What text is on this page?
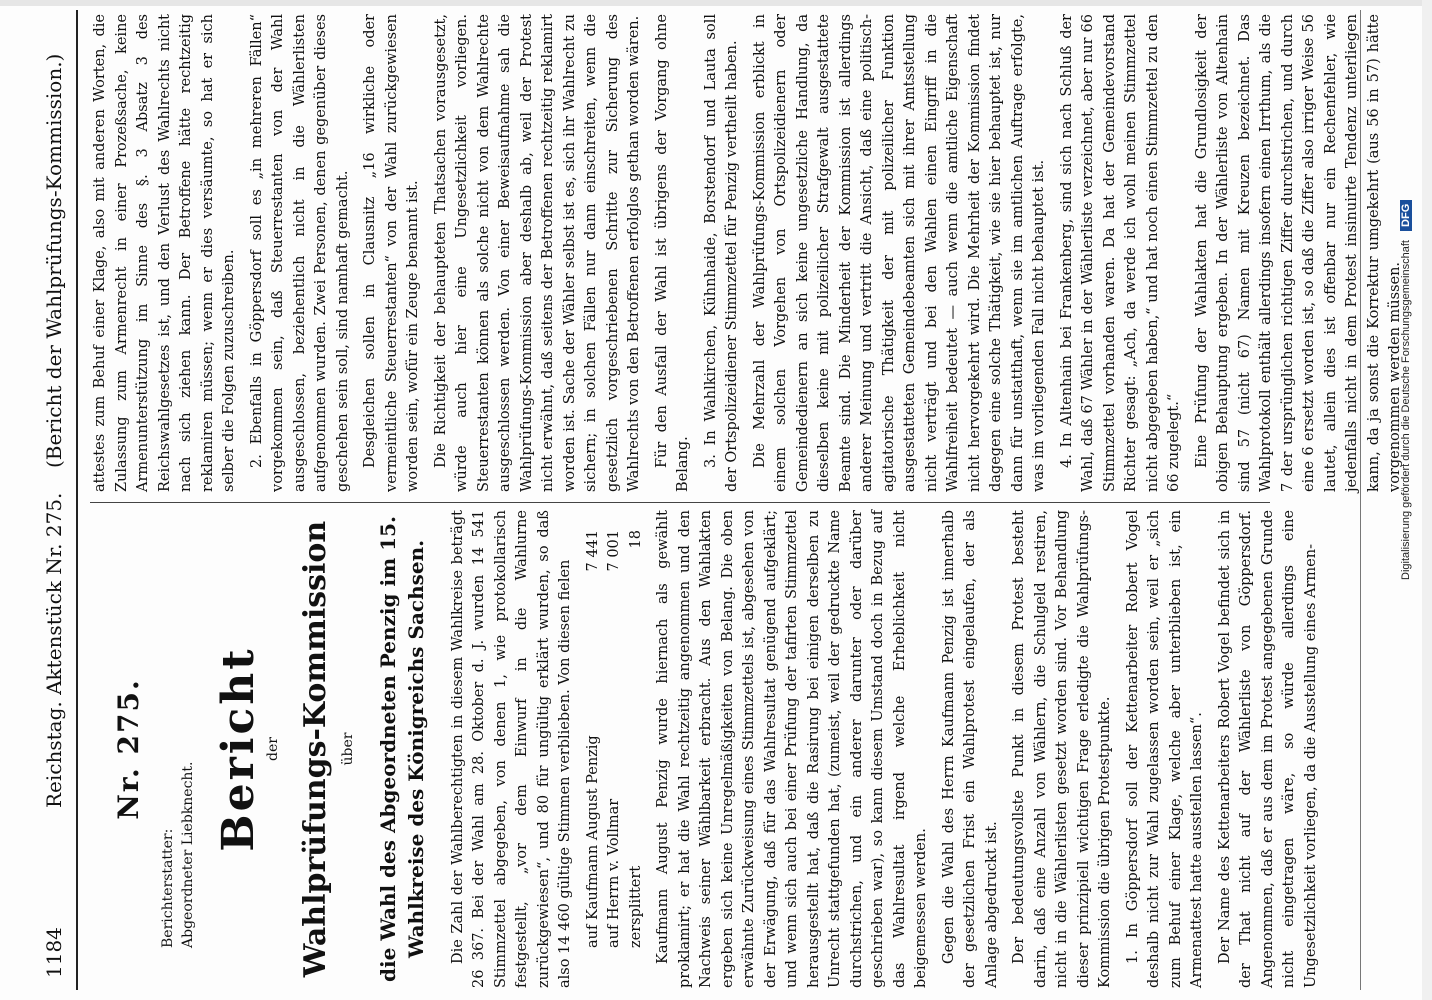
1184
Reichstag. Aktenstück Nr. 275.
(Bericht der Wahlprüfungs-Kommission.)
Nr. 275.
Berichterstatter: Abgeordneter Liebknecht.
Bericht der Wahlprüfungs-Kommission über die Wahl des Abgeordneten Penzig im 15. Wahlkreise des Königreichs Sachsen. Die Zahl der Wahlberechtigten in diesem Wahlkreise beträgt 26 367. Bei der Wahl am 28. Oktober d. J. wurden 14 541 Stimmzettel abgegeben, von denen 1, wie protokollarisch festgestellt, „vor dem Einwurf in die Wahlurne zurückgewiesen“, und 80 für ungültig erklärt wurden, so daß also 14 460 gültige Stimmen verblieben. Von diesen fielen auf Kaufmann August Penzig
7 441
auf Herrn v. Vollmar
7 001
zersplittert
18 Kaufmann August Penzig wurde hiernach als gewählt proklamirt; er hat die Wahl rechtzeitig angenommen und den Nachweis seiner Wählbarkeit erbracht. Aus den Wahlakten ergeben sich keine Unregelmäßigkeiten von Belang. Die oben erwähnte Zurückweisung eines Stimmzettels ist, abgesehen von der Erwägung, daß für das Wahlresultat genügend aufgeklärt; und wenn sich auch bei einer Prüfung der tafirten Stimmzettel herausgestellt hat, daß die Rasirung bei einigen derselben zu Unrecht stattgefunden hat, (zumeist, weil der gedruckte Name durchstrichen, und ein anderer darunter oder darüber geschrieben war), so kann diesem Umstand doch in Bezug auf das Wahlresultat irgend welche Erheblichkeit nicht beigemessen werden. Gegen die Wahl des Herrn Kaufmann Penzig ist innerhalb der gesetzlichen Frist ein Wahlprotest eingelaufen, der als Anlage abgedruckt ist. Der bedeutungsvollste Punkt in diesem Protest besteht darin, daß eine Anzahl von Wählern, die Schulgeld restiren, nicht in die Wählerlisten gesetzt worden sind. Vor Behandlung dieser prinzipiell wichtigen Frage erledigte die Wahlprüfungs-Kommission die übrigen Protestpunkte. 1. In Göppersdorf soll der Kettenarbeiter Robert Vogel deshalb nicht zur Wahl zugelassen worden sein, weil er „sich zum Behuf einer Klage, welche aber unterblieben ist, ein Armenattest hatte ausstellen lassen“. Der Name des Kettenarbeiters Robert Vogel befindet sich in der That nicht auf der Wählerliste von Göppersdorf. Angenommen, daß er aus dem im Protest angegebenen Grunde nicht eingetragen wäre, so würde allerdings eine Ungesetzlichkeit vorliegen, da die Ausstellung eines Armen-

attestes zum Behuf einer Klage, also mit anderen Worten, die Zulassung zum Armenrecht in einer Prozeßsache, keine Armenunterstützung im Sinne des §. 3 Absatz 3 des Reichswahlgesetzes ist, und den Verlust des Wahlrechts nicht nach sich ziehen kann. Der Betroffene hätte rechtzeitig reklamiren müssen; wenn er dies versäumte, so hat er sich selber die Folgen zuzuschreiben. 2. Ebenfalls in Göppersdorf soll es „in mehreren Fällen“ vorgekommen sein, daß Steuerrestanten von der Wahl ausgeschlossen, beziehentlich nicht in die Wählerlisten aufgenommen wurden. Zwei Personen, denen gegenüber dieses geschehen sein soll, sind namhaft gemacht. Desgleichen sollen in Clausnitz „16 wirkliche oder vermeintliche Steuerrestanten“ von der Wahl zurückgewiesen worden sein, wofür ein Zeuge benannt ist. Die Richtigkeit der behaupteten Thatsachen vorausgesetzt, würde auch hier eine Ungesetzlichkeit vorliegen. Steuerrestanten können als solche nicht von dem Wahlrechte ausgeschlossen werden. Von einer Beweisaufnahme sah die Wahlprüfungs-Kommission aber deshalb ab, weil der Protest nicht erwähnt, daß seitens der Betroffenen rechtzeitig reklamirt worden ist. Sache der Wähler selbst ist es, sich ihr Wahlrecht zu sichern; in solchen Fällen nur dann einschreiten, wenn die gesetzlich vorgeschriebenen Schritte zur Sicherung des Wahlrechts von den Betroffenen erfolglos gethan worden wären. Für den Ausfall der Wahl ist übrigens der Vorgang ohne Belang. 3. In Wahlkirchen, Kühnhaide, Borstendorf und Lauta soll der Ortspolizeidiener Stimmzettel für Penzig vertheilt haben. Die Mehrzahl der Wahlprüfungs-Kommission erblickt in einem solchen Vorgehen von Ortspolizeidienern oder Gemeindedienern an sich keine ungesetzliche Handlung, da dieselben keine mit polizeilicher Strafgewalt ausgestattete Beamte sind. Die Minderheit der Kommission ist allerdings anderer Meinung und vertritt die Ansicht, daß eine politisch-agitatorische Thätigkeit der mit polizeilicher Funktion ausgestatteten Gemeindebeamten sich mit ihrer Amtsstellung nicht verträgt und bei den Wahlen einen Eingriff in die Wahlfreiheit bedeutet — auch wenn die amtliche Eigenschaft nicht hervorgekehrt wird. Die Mehrheit der Kommission findet dagegen eine solche Thätigkeit, wie sie hier behauptet ist, nur dann für unstatthaft, wenn sie im amtlichen Auftrage erfolgte, was im vorliegenden Fall nicht behauptet ist. 4. In Altenhain bei Frankenberg, sind sich nach Schluß der Wahl, daß 67 Wähler in der Wählerliste verzeichnet, aber nur 66 Stimmzettel vorhanden waren. Da hat der Gemeindevorstand Richter gesagt: „Ach, da werde ich wohl meinen Stimmzettel nicht abgegeben haben,“ und hat noch einen Stimmzettel zu den 66 zugelegt.“ Eine Prüfung der Wahlakten hat die Grundlosigkeit der obigen Behauptung ergeben. In der Wählerliste von Altenhain sind 57 (nicht 67) Namen mit Kreuzen bezeichnet. Das Wahlprotokoll enthält allerdings insofern einen Irrthum, als die 7 der ursprünglichen richtigen Ziffer durchstrichen, und durch eine 6 ersetzt worden ist, so daß die Ziffer also irriger Weise 56 lautet, allein dies ist offenbar nur ein Rechenfehler, wie jedenfalls nicht in dem Protest insinuirte Tendenz unterliegen kann, da ja sonst die Korrektur umgekehrt (aus 56 in 57) hätte vorgenommen werden müssen.

Digitalisierung gefördert durch die Deutsche Forschungsgemeinschaft DFG
